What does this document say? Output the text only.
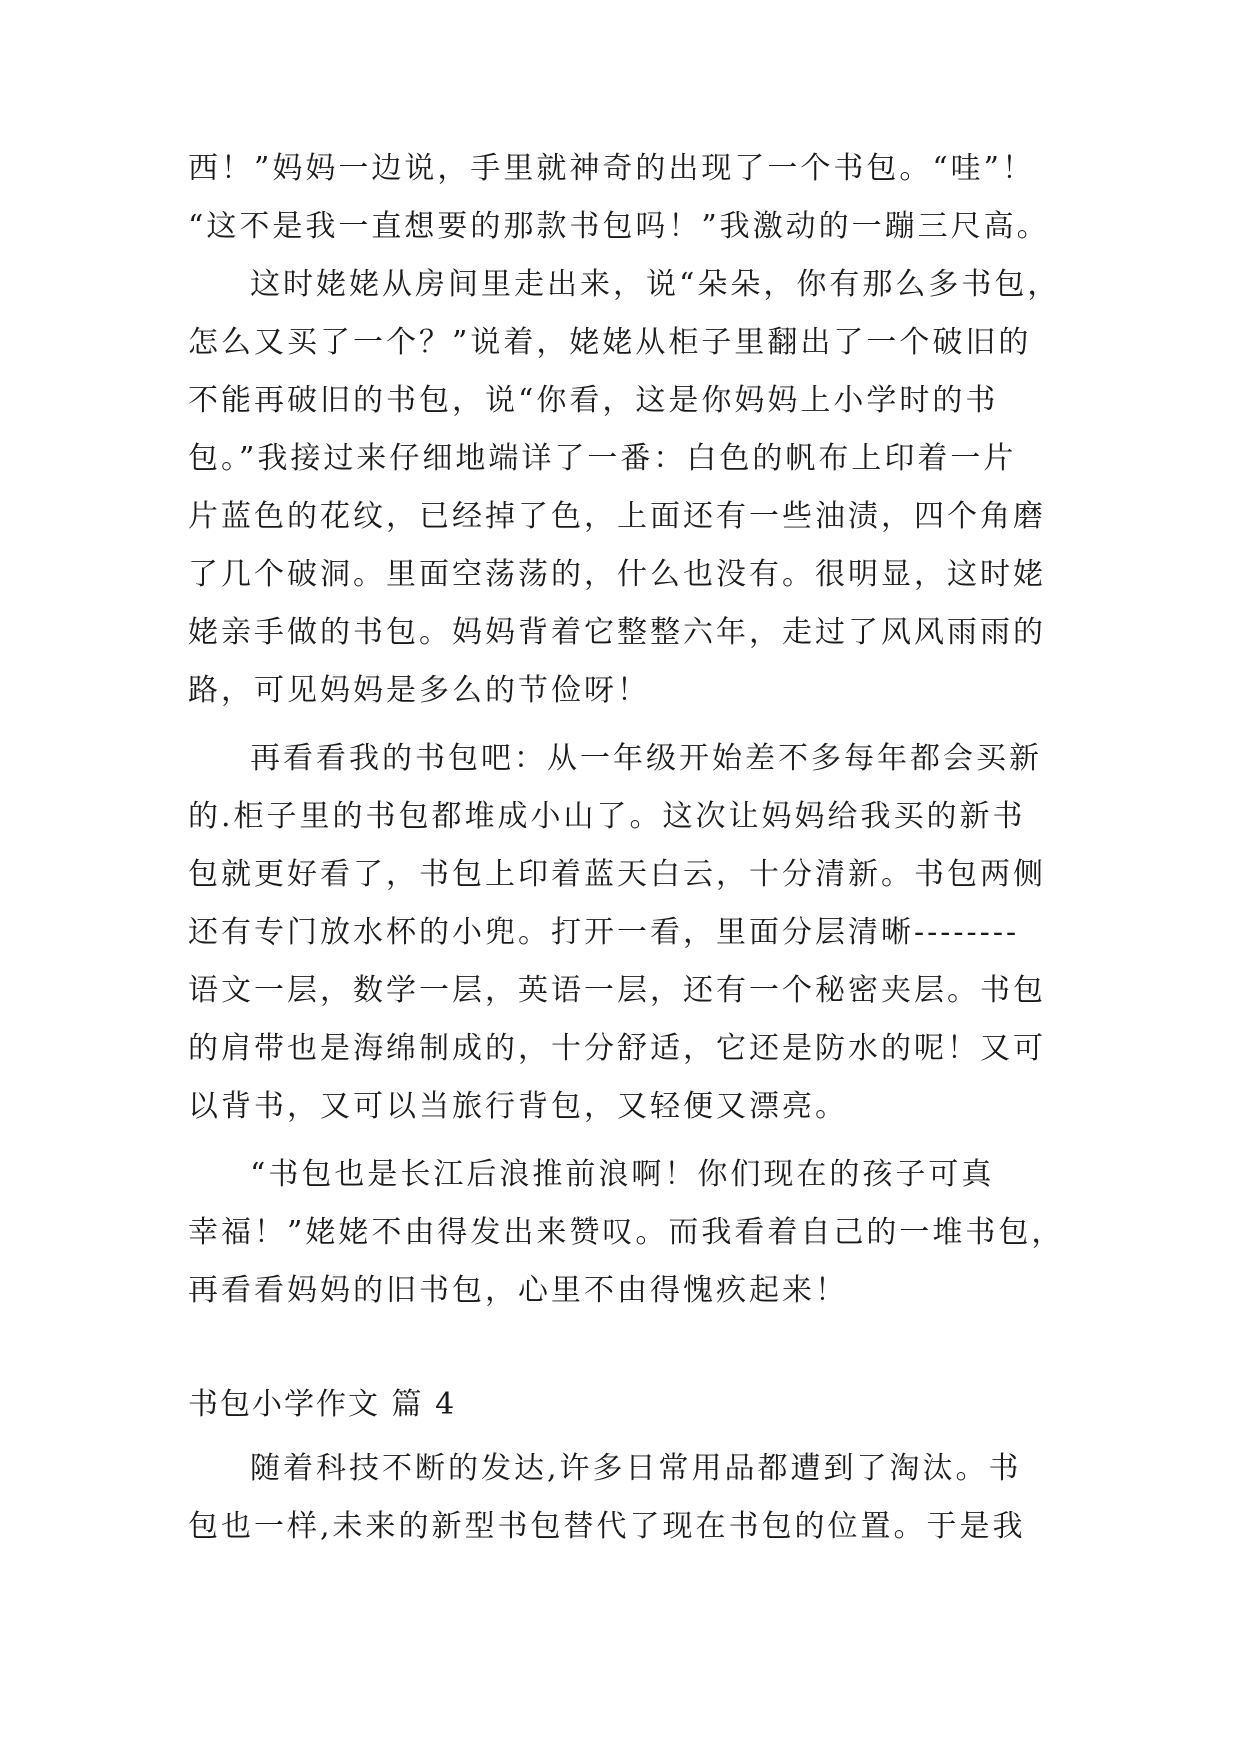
西！”妈妈一边说，手里就神奇的出现了一个书包。“哇”！
“这不是我一直想要的那款书包吗！”我激动的一蹦三尺高。
这时姥姥从房间里走出来，说“朵朵，你有那么多书包，
怎么又买了一个？”说着，姥姥从柜子里翻出了一个破旧的
不能再破旧的书包，说“你看，这是你妈妈上小学时的书
包。”我接过来仔细地端详了一番：白色的帆布上印着一片
片蓝色的花纹，已经掉了色，上面还有一些油渍，四个角磨
了几个破洞。里面空荡荡的，什么也没有。很明显，这时姥
姥亲手做的书包。妈妈背着它整整六年，走过了风风雨雨的
路，可见妈妈是多么的节俭呀！
再看看我的书包吧：从一年级开始差不多每年都会买新
的.柜子里的书包都堆成小山了。这次让妈妈给我买的新书
包就更好看了，书包上印着蓝天白云，十分清新。书包两侧
还有专门放水杯的小兜。打开一看，里面分层清晰--------
语文一层，数学一层，英语一层，还有一个秘密夹层。书包
的肩带也是海绵制成的，十分舒适，它还是防水的呢！又可
以背书，又可以当旅行背包，又轻便又漂亮。
“书包也是长江后浪推前浪啊！你们现在的孩子可真
幸福！”姥姥不由得发出来赞叹。而我看着自己的一堆书包，
再看看妈妈的旧书包，心里不由得愧疚起来！
书包小学作文 篇 4
随着科技不断的发达,许多日常用品都遭到了淘汰。书
包也一样,未来的新型书包替代了现在书包的位置。于是我
